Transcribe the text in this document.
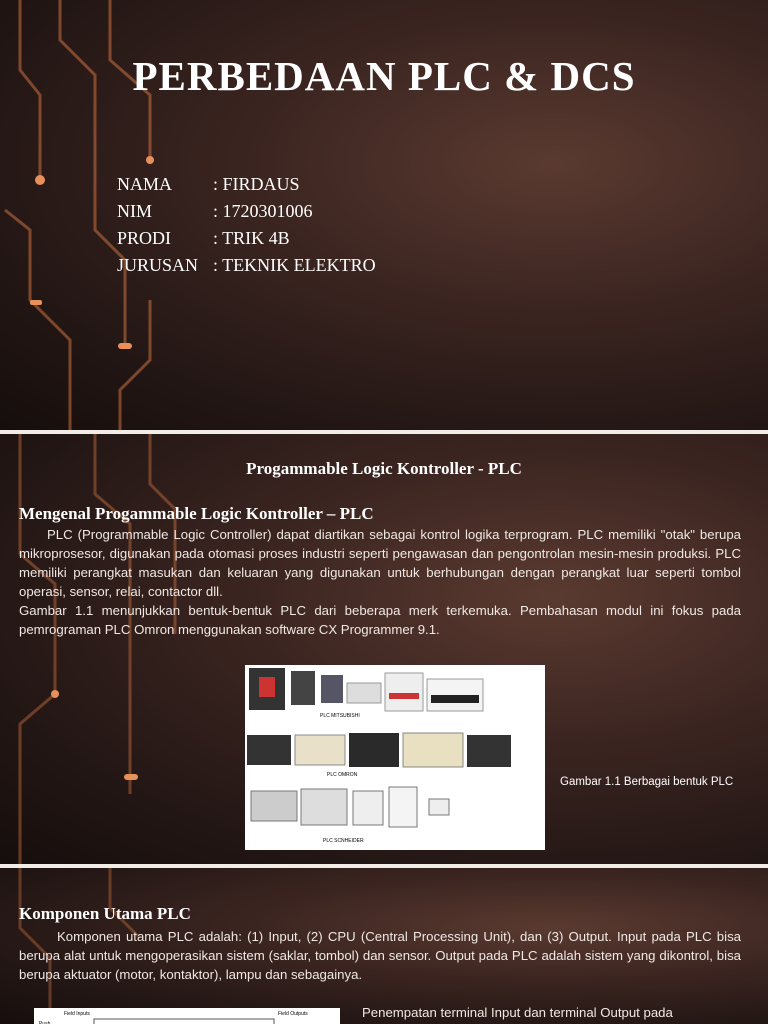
PERBEDAAN PLC & DCS
NAMA : FIRDAUS
NIM	: 1720301006
PRODI : TRIK 4B
JURUSAN : TEKNIK ELEKTRO
Progammable Logic Kontroller - PLC
Mengenal Progammable Logic Kontroller – PLC
PLC (Programmable Logic Controller) dapat diartikan sebagai kontrol logika terprogram. PLC memiliki "otak" berupa mikroprosesor, digunakan pada otomasi proses industri seperti pengawasan dan pengontrolan mesin-mesin produksi. PLC memiliki perangkat masukan dan keluaran yang digunakan untuk berhubungan dengan perangkat luar seperti tombol operasi, sensor, relai, contactor dll.
Gambar 1.1 menunjukkan bentuk-bentuk PLC dari beberapa merk terkemuka. Pembahasan modul ini fokus pada pemrograman PLC Omron menggunakan software CX Programmer 9.1.
PLC MITSUBISHI
PLC OMRON
PLC SCNHEIDER
Gambar 1.1 Berbagai bentuk PLC
Komponen Utama PLC
Komponen utama PLC adalah: (1) Input, (2) CPU (Central Processing Unit), dan (3) Output. Input pada PLC bisa berupa alat untuk mengoperasikan sistem (saklar, tombol) dan sensor. Output pada PLC adalah sistem yang dikontrol, bisa berupa aktuator (motor, kontaktor), lampu dan sebagainya.
Field Inputs	Field Outputs
Push
Penempatan terminal Input dan terminal Output pada
